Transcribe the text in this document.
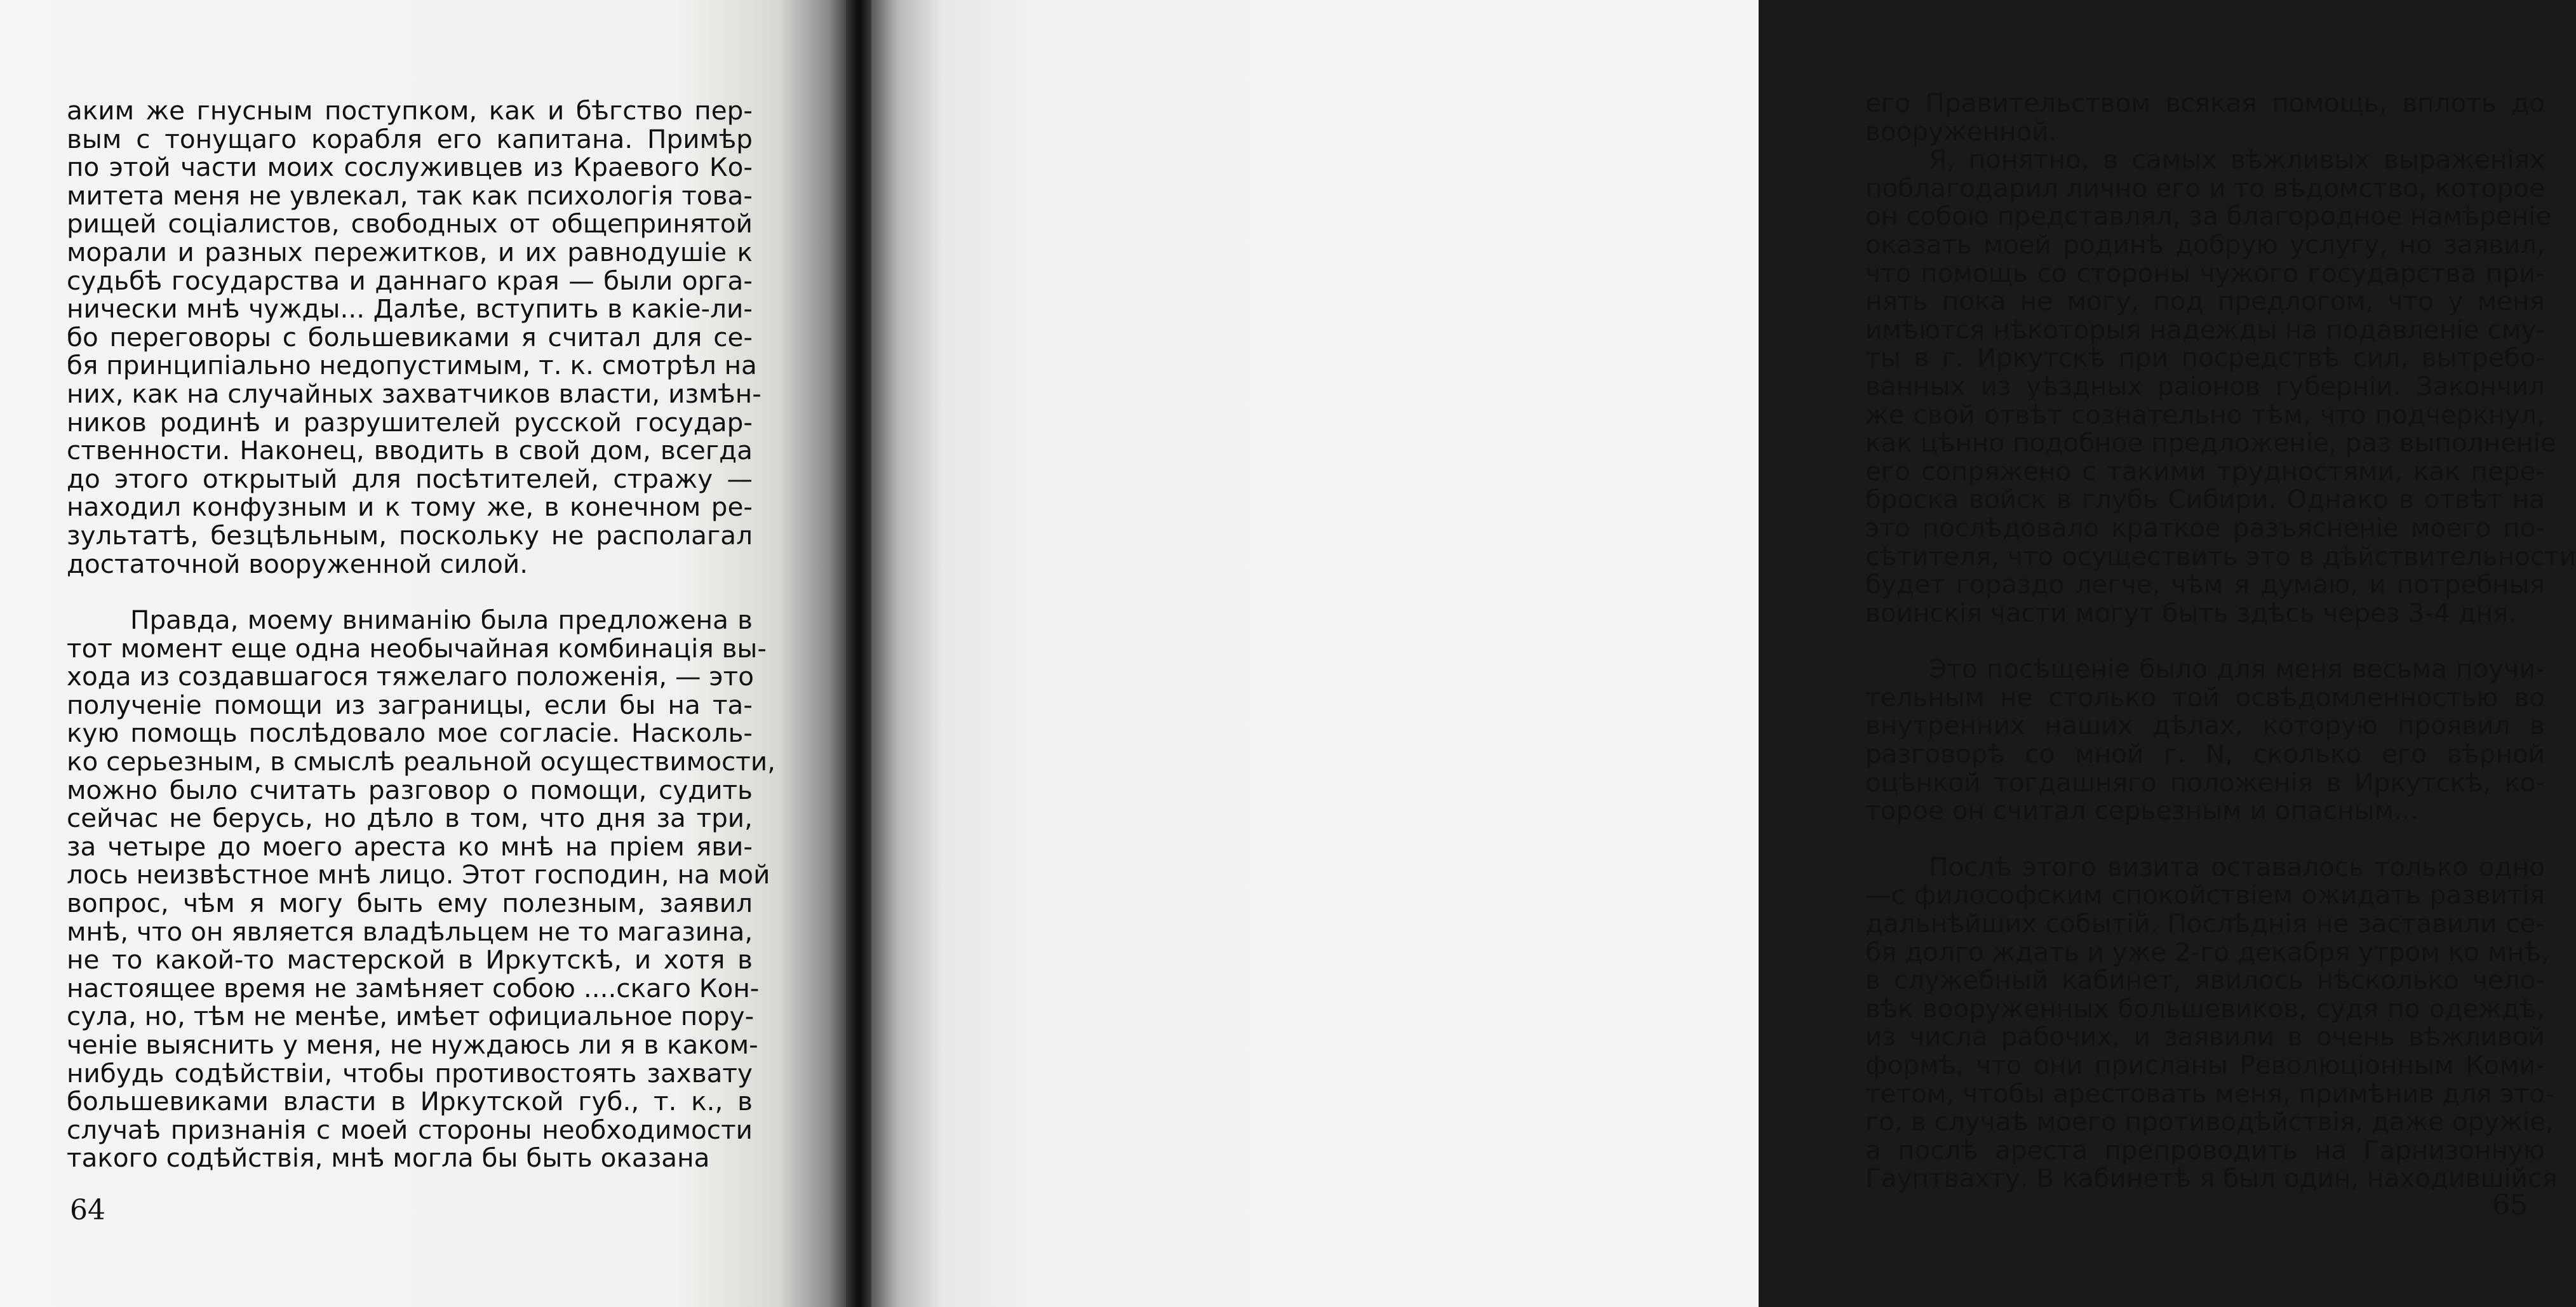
аким же гнусным поступком, как и бѣгство пер-
вым с тонущаго корабля его капитана. Примѣр
по этой части моих сослуживцев из Краевого Ко-
митета меня не увлекал, так как психологія това-
рищей соціалистов, свободных от общепринятой
морали и разных пережитков, и их равнодушіе к
судьбѣ государства и даннаго края — были орга-
нически мнѣ чужды... Далѣе, вступить в какіе-ли-
бо переговоры с большевиками я считал для се-
бя принципіально недопустимым, т. к. смотрѣл на
них, как на случайных захватчиков власти, измѣн-
ников родинѣ и разрушителей русской государ-
ственности. Наконец, вводить в свой дом, всегда
до этого открытый для посѣтителей, стражу —
находил конфузным и к тому же, в конечном ре-
зультатѣ, безцѣльным, поскольку не располагал
достаточной вооруженной силой.
Правда, моему вниманію была предложена в
тот момент еще одна необычайная комбинація вы-
хода из создавшагося тяжелаго положенія, — это
полученіе помощи из заграницы, если бы на та-
кую помощь послѣдовало мое согласіе. Насколь-
ко серьезным, в смыслѣ реальной осуществимости,
можно было считать разговор о помощи, судить
сейчас не берусь, но дѣло в том, что дня за три,
за четыре до моего ареста ко мнѣ на пріем яви-
лось неизвѣстное мнѣ лицо. Этот господин, на мой
вопрос, чѣм я могу быть ему полезным, заявил
мнѣ, что он является владѣльцем не то магазина,
не то какой-то мастерской в Иркутскѣ, и хотя в
настоящее время не замѣняет собою ....скаго Кон-
сула, но, тѣм не менѣе, имѣет официальное пору-
ченіе выяснить у меня, не нуждаюсь ли я в каком-
нибудь содѣйствіи, чтобы противостоять захвату
большевиками власти в Иркутской губ., т. к., в
случаѣ признанія с моей стороны необходимости
такого содѣйствія, мнѣ могла бы быть оказана
64
его Правительством всякая помощь, вплоть до
вооруженной.
Я, понятно, в самых вѣжливых выраженіях
поблагодарил лично его и то вѣдомство, которое
он собою представлял, за благородное намѣреніе
оказать моей родинѣ добрую услугу, но заявил,
что помощь со стороны чужого государства при-
нять пока не могу, под предлогом, что у меня
имѣются нѣкоторыя надежды на подавленіе сму-
ты в г. Иркутскѣ при посредствѣ сил, вытребо-
ванных из уѣздных раіонов губерніи. Закончил
же свой отвѣт сознательно тѣм, что подчеркнул,
как цѣнно подобное предложеніе, раз выполненіе
его сопряжено с такими трудностями, как пере-
броска войск в глубь Сибири. Однако в отвѣт на
это послѣдовало краткое разъясненіе моего по-
сѣтителя, что осуществить это в дѣйствительности
будет гораздо легче, чѣм я думаю, и потребныя
воинскія части могут быть здѣсь через 3-4 дня.
Это посѣщеніе было для меня весьма поучи-
тельным не столько той освѣдомленностью во
внутренних наших дѣлах, которую проявил в
разговорѣ со мной г. N, сколько его вѣрной
оцѣнкой тогдашняго положенія в Иркутскѣ, ко-
торое он считал серьезным и опасным...
Послѣ этого визита оставалось только одно
—с философским спокойствіем ожидать развитія
дальнѣйших событій. Послѣднія не заставили се-
бя долго ждать и уже 2-го декабря утром ко мнѣ,
в служебный кабинет, явилось нѣсколько чело-
вѣк вооруженных большевиков, судя по одеждѣ,
из числа рабочих, и заявили в очень вѣжливой
формѣ, что они присланы Революціонным Коми-
тетом, чтобы арестовать меня, примѣнив для это-
го, в случаѣ моего противодѣйствія, даже оружіе,
а послѣ ареста препроводить на Гарнизонную
Гауптвахту. В кабинетѣ я был один, находившійся
65
